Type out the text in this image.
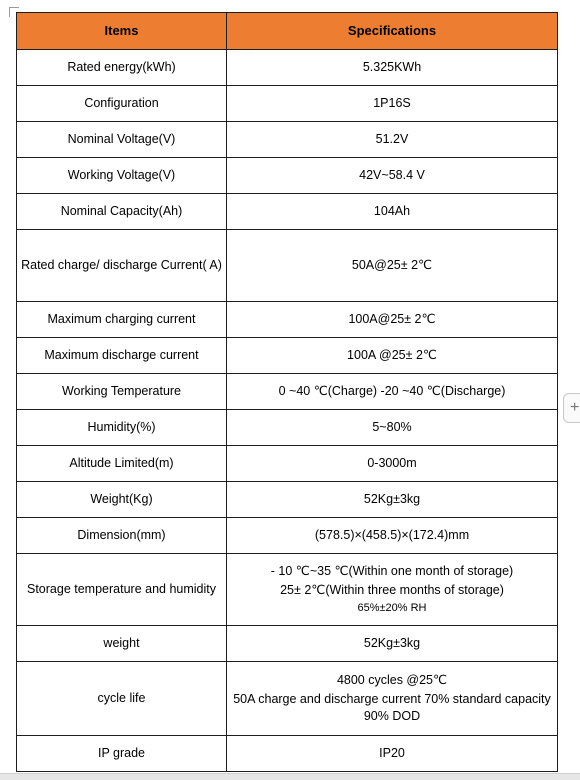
Items	Specifications
Rated energy(kWh)	5.325KWh

Configuration	1P16S

Nominal Voltage(V)	51.2V

Working Voltage(V)	42V~58.4 V

Nominal Capacity(Ah)	104Ah

Rated charge/ discharge Current( A)	50A@25± 2℃

Maximum charging current	100A@25± 2℃

Maximum discharge current	100A @25± 2℃

Working Temperature	0 ~40 ℃(Charge) -20 ~40 ℃(Discharge)

Humidity(%)	5~80%

Altitude Limited(m)	0-3000m

Weight(Kg)	52Kg±3kg

Dimension(mm)	(578.5)×(458.5)×(172.4)mm

Storage temperature and humidity	- 10 ℃~35 ℃(Within one month of storage)
25± 2℃(Within three months of storage)
65%±20% RH

weight	52Kg±3kg

cycle life	4800 cycles @25℃
50A charge and discharge current 70% standard capacity 90% DOD

IP grade	IP20
+
